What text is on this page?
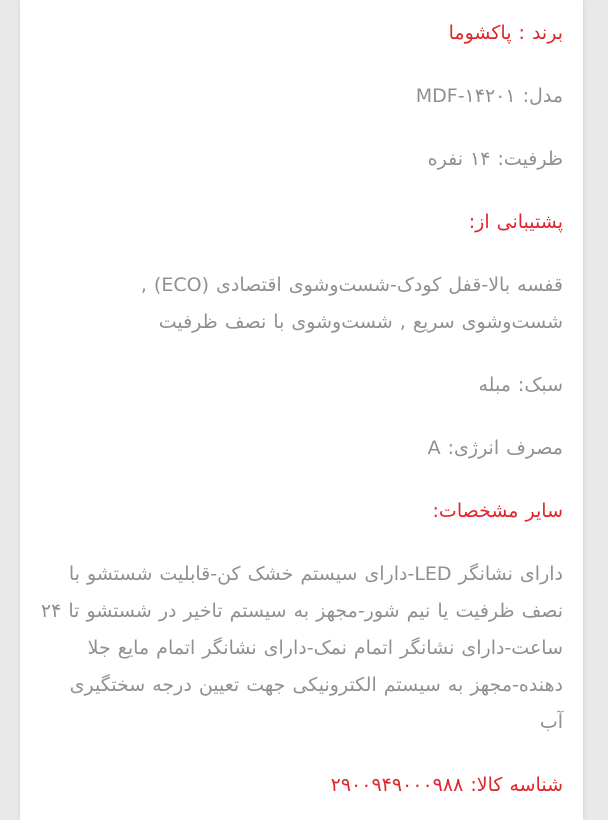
برند : پاکشوما

مدل: MDF-۱۴۲۰۱

ظرفیت: ۱۴ نفره

پشتیبانی از:

قفسه بالا-قفل کودک-شست‌وشوی اقتصادی (ECO) , شست‌وشوی سریع , شست‌وشوی با نصف ظرفیت

سبک: مبله

مصرف انرژی: A

سایر مشخصات:

دارای نشانگر LED-دارای سیستم خشک کن-قابلیت شستشو با نصف ظرفیت یا نیم شور-مجهز به سیستم تاخیر در شستشو تا ۲۴ ساعت-دارای نشانگر اتمام نمک-دارای نشانگر اتمام مایع جلا دهنده-مجهز به سیستم الکترونیکی جهت تعیین درجه سختگیری آب

شناسه کالا: ۲۹۰۰۹۴۹۰۰۰۹۸۸
